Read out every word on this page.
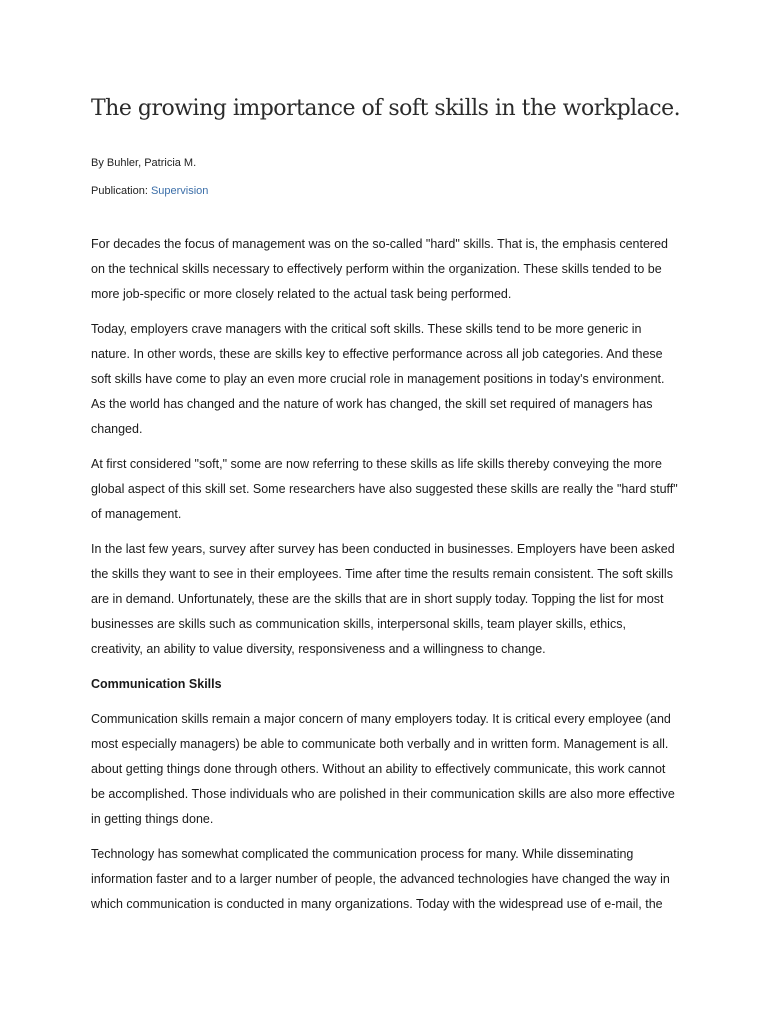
The growing importance of soft skills in the workplace.

By Buhler, Patricia M.

Publication: Supervision

For decades the focus of management was on the so-called "hard" skills. That is, the emphasis centered on the technical skills necessary to effectively perform within the organization. These skills tended to be more job-specific or more closely related to the actual task being performed.

Today, employers crave managers with the critical soft skills. These skills tend to be more generic in nature. In other words, these are skills key to effective performance across all job categories. And these soft skills have come to play an even more crucial role in management positions in today's environment. As the world has changed and the nature of work has changed, the skill set required of managers has changed.

At first considered "soft," some are now referring to these skills as life skills thereby conveying the more global aspect of this skill set. Some researchers have also suggested these skills are really the "hard stuff" of management.

In the last few years, survey after survey has been conducted in businesses. Employers have been asked the skills they want to see in their employees. Time after time the results remain consistent. The soft skills are in demand. Unfortunately, these are the skills that are in short supply today. Topping the list for most businesses are skills such as communication skills, interpersonal skills, team player skills, ethics, creativity, an ability to value diversity, responsiveness and a willingness to change.

Communication Skills

Communication skills remain a major concern of many employers today. It is critical every employee (and most especially managers) be able to communicate both verbally and in written form. Management is all. about getting things done through others. Without an ability to effectively communicate, this work cannot be accomplished. Those individuals who are polished in their communication skills are also more effective in getting things done.

Technology has somewhat complicated the communication process for many. While disseminating information faster and to a larger number of people, the advanced technologies have changed the way in which communication is conducted in many organizations. Today with the widespread use of e-mail, the
